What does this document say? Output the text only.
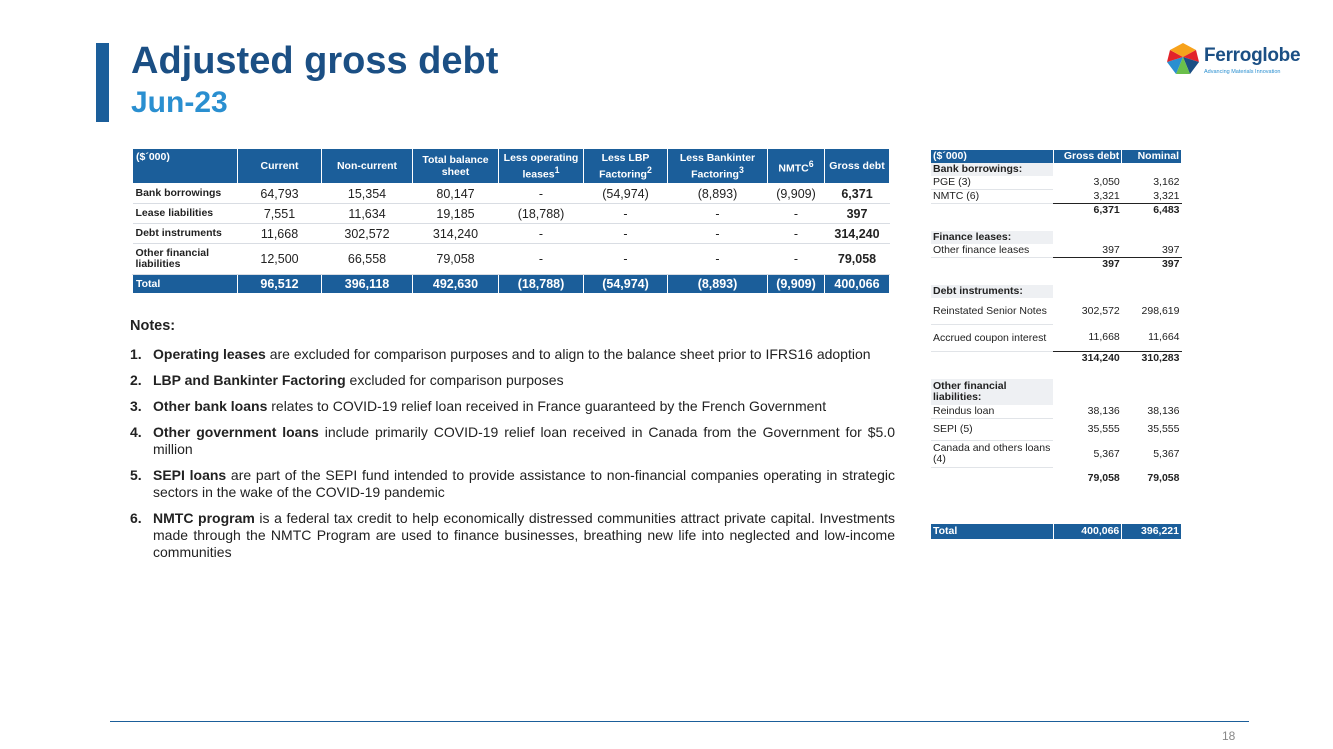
Adjusted gross debt
Jun-23
Ferroglobe
Advancing Materials Innovation
($´000)	Current	Non-current	Total balance sheet	Less operating leases$^1$	Less LBP Factoring$^2$	Less Bankinter Factoring$^3$	NMTC$^6$	Gross debt
Bank borrowings	64,793	15,354	80,147	-	(54,974)	(8,893)	(9,909)	6,371
Lease liabilities	7,551	11,634	19,185	(18,788)	-	-	-	397
Debt instruments	11,668	302,572	314,240	-	-	-	-	314,240
Other financial liabilities	12,500	66,558	79,058	-	-	-	-	79,058
Total	96,512	396,118	492,630	(18,788)	(54,974)	(8,893)	(9,909)	400,066
Notes:
1. Operating leases are excluded for comparison purposes and to align to the balance sheet prior to IFRS16 adoption
2. LBP and Bankinter Factoring excluded for comparison purposes
3. Other bank loans relates to COVID-19 relief loan received in France guaranteed by the French Government
4. Other government loans include primarily COVID-19 relief loan received in Canada from the Government for $5.0 million
5. SEPI loans are part of the SEPI fund intended to provide assistance to non-financial companies operating in strategic sectors in the wake of the COVID-19 pandemic
6. NMTC program is a federal tax credit to help economically distressed communities attract private capital. Investments made through the NMTC Program are used to finance businesses, breathing new life into neglected and low-income communities
($´000)	Gross debt	Nominal
Bank borrowings:		
PGE (3)	3,050	3,162
NMTC (6)	3,321	3,321
	6,371	6,483

Finance leases:		
Other finance leases	397	397
	397	397

Debt instruments:		
Reinstated Senior Notes	302,572	298,619
Accrued coupon interest	11,668	11,664
	314,240	310,283

Other financial liabilities:		
Reindus loan	38,136	38,136
SEPI (5)	35,555	35,555
Canada and others loans (4)	5,367	5,367
	79,058	79,058

Total	400,066	396,221
18
